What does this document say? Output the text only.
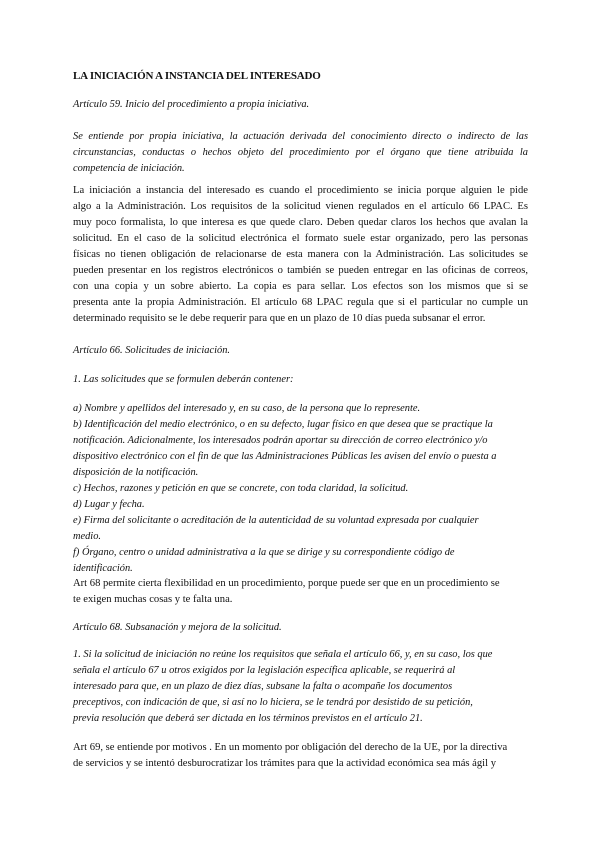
LA INICIACIÓN A INSTANCIA DEL INTERESADO
Artículo 59. Inicio del procedimiento a propia iniciativa.
Se entiende por propia iniciativa, la actuación derivada del conocimiento directo o indirecto de las
circunstancias, conductas o hechos objeto del procedimiento por el órgano que tiene atribuida la
competencia de iniciación.
La iniciación a instancia del interesado es cuando el procedimiento se inicia porque alguien le pide
algo a la Administración. Los requisitos de la solicitud vienen regulados en el artículo 66 LPAC. Es
muy poco formalista, lo que interesa es que quede claro. Deben quedar claros los hechos que avalan la
solicitud. En el caso de la solicitud electrónica el formato suele estar organizado, pero las personas
físicas no tienen obligación de relacionarse de esta manera con la Administración. Las solicitudes se
pueden presentar en los registros electrónicos o también se pueden entregar en las oficinas de correos,
con una copia y un sobre abierto. La copia es para sellar. Los efectos son los mismos que si se
presenta ante la propia Administración. El artículo 68 LPAC regula que si el particular no cumple un
determinado requisito se le debe requerir para que en un plazo de 10 días pueda subsanar el error.
Artículo 66. Solicitudes de iniciación.
1. Las solicitudes que se formulen deberán contener:
a) Nombre y apellidos del interesado y, en su caso, de la persona que lo represente.
b) Identificación del medio electrónico, o en su defecto, lugar físico en que desea que se practique la
notificación. Adicionalmente, los interesados podrán aportar su dirección de correo electrónico y/o
dispositivo electrónico con el fin de que las Administraciones Públicas les avisen del envío o puesta a
disposición de la notificación.
c) Hechos, razones y petición en que se concrete, con toda claridad, la solicitud.
d) Lugar y fecha.
e) Firma del solicitante o acreditación de la autenticidad de su voluntad expresada por cualquier
medio.
f) Órgano, centro o unidad administrativa a la que se dirige y su correspondiente código de
identificación.
Art 68 permite cierta flexibilidad en un procedimiento, porque puede ser que en un procedimiento se
te exigen muchas cosas y te falta una.
Artículo 68. Subsanación y mejora de la solicitud.
1. Si la solicitud de iniciación no reúne los requisitos que señala el artículo 66, y, en su caso, los que
señala el artículo 67 u otros exigidos por la legislación específica aplicable, se requerirá al
interesado para que, en un plazo de diez días, subsane la falta o acompañe los documentos
preceptivos, con indicación de que, si así no lo hiciera, se le tendrá por desistido de su petición,
previa resolución que deberá ser dictada en los términos previstos en el artículo 21.
Art 69, se entiende por motivos . En un momento por obligación del derecho de la UE, por la directiva
de servicios y se intentó desburocratizar los trámites para que la actividad económica sea más ágil y
